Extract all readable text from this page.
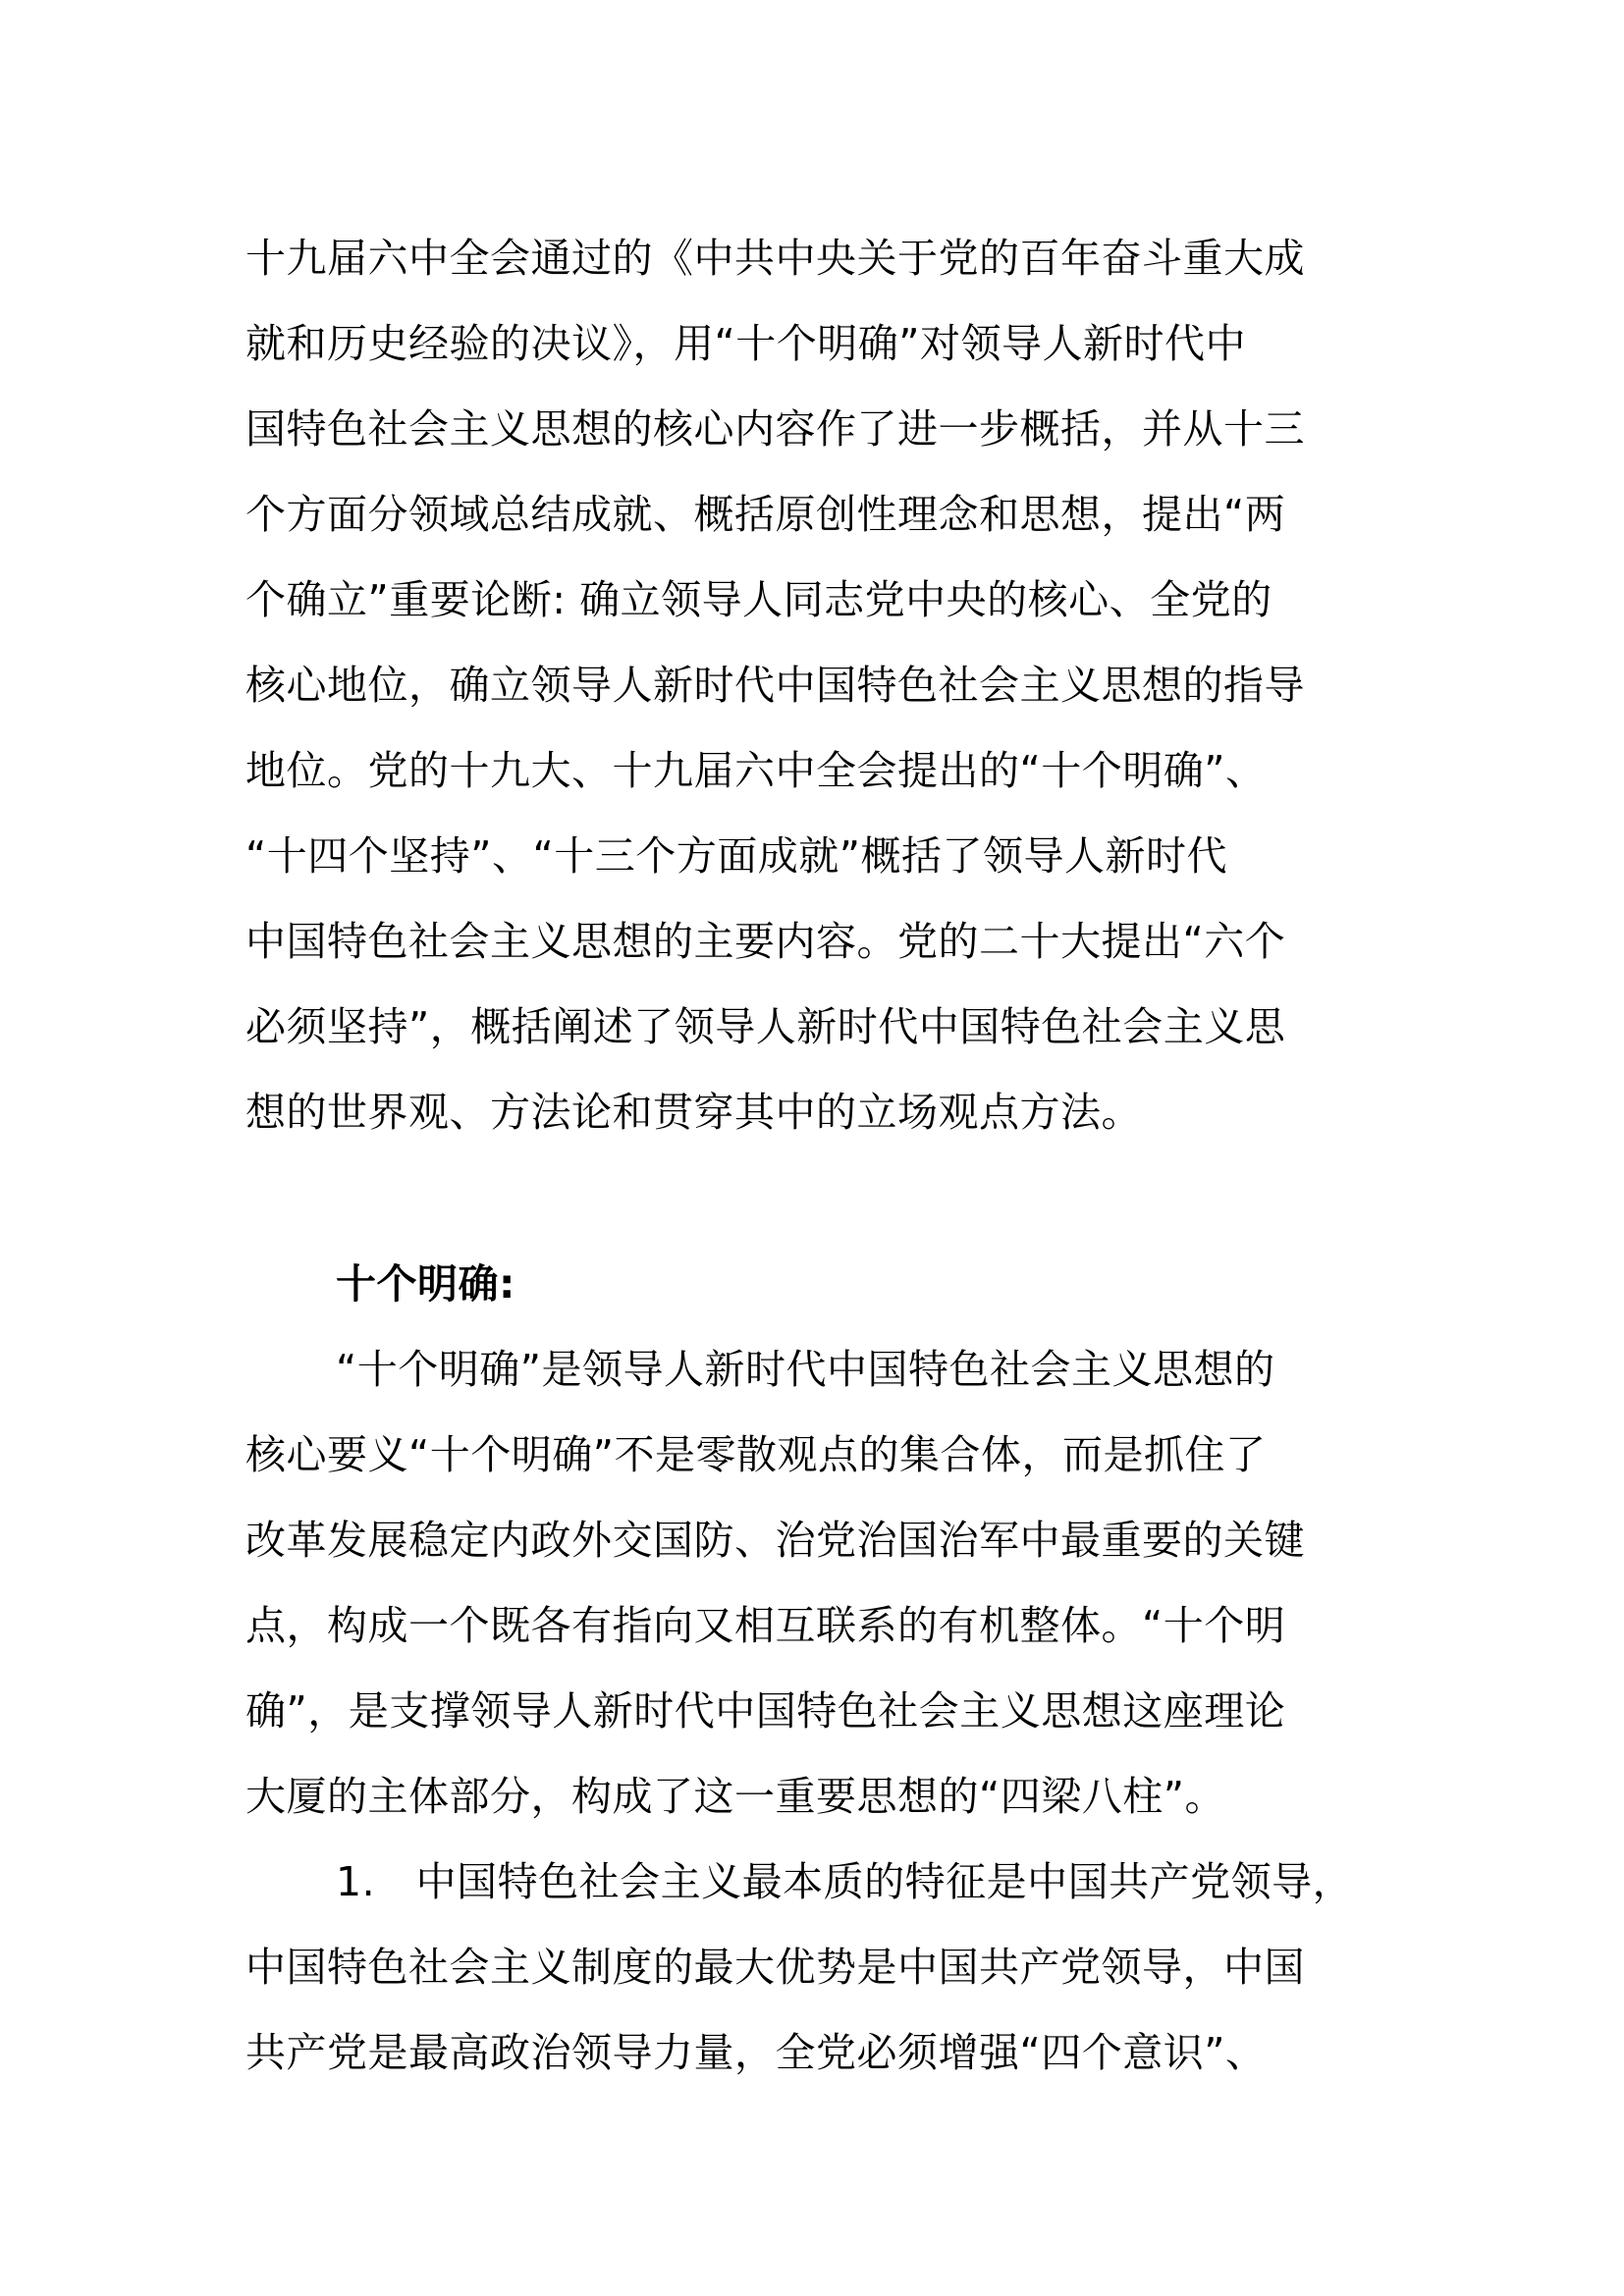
十九届六中全会通过的《中共中央关于党的百年奋斗重大成
就和历史经验的决议》，用“十个明确”对领导人新时代中
国特色社会主义思想的核心内容作了进一步概括，并从十三
个方面分领域总结成就、概括原创性理念和思想，提出“两
个确立”重要论断: 确立领导人同志党中央的核心、全党的
核心地位，确立领导人新时代中国特色社会主义思想的指导
地位。党的十九大、十九届六中全会提出的“十个明确”、
“十四个坚持”、“十三个方面成就”概括了领导人新时代
中国特色社会主义思想的主要内容。党的二十大提出“六个
必须坚持”，概括阐述了领导人新时代中国特色社会主义思
想的世界观、方法论和贯穿其中的立场观点方法。
十个明确:
“十个明确”是领导人新时代中国特色社会主义思想的
核心要义“十个明确”不是零散观点的集合体，而是抓住了
改革发展稳定内政外交国防、治党治国治军中最重要的关键
点，构成一个既各有指向又相互联系的有机整体。“十个明
确”，是支撑领导人新时代中国特色社会主义思想这座理论
大厦的主体部分，构成了这一重要思想的“四梁八柱”。
1.　中国特色社会主义最本质的特征是中国共产党领导，
中国特色社会主义制度的最大优势是中国共产党领导，中国
共产党是最高政治领导力量，全党必须增强“四个意识”、
